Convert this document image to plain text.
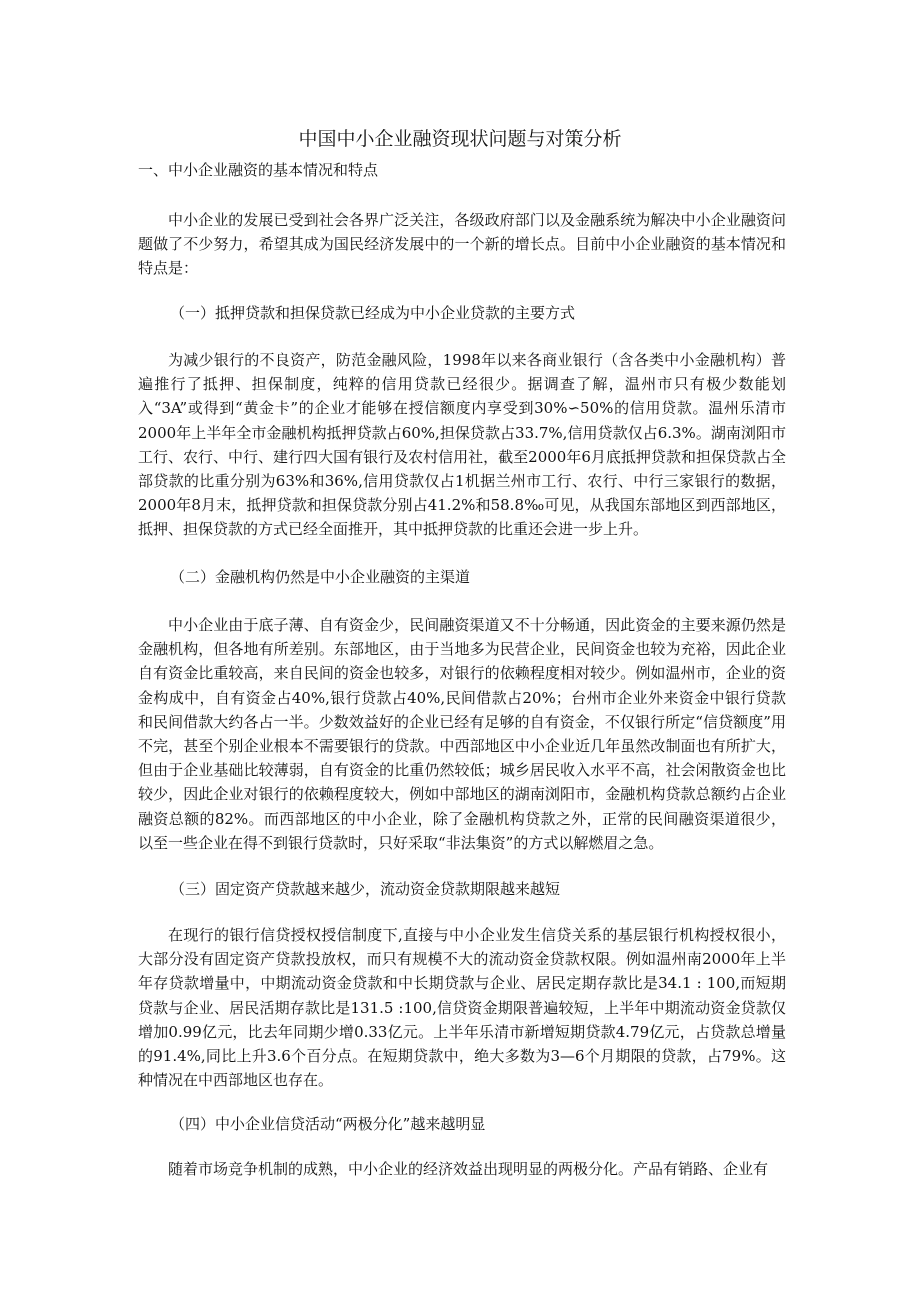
中国中小企业融资现状问题与对策分析
一、中小企业融资的基本情况和特点

中小企业的发展已受到社会各界广泛关注，各级政府部门以及金融系统为解决中小企业融资问题做了不少努力，希望其成为国民经济发展中的一个新的增长点。目前中小企业融资的基本情况和特点是：

（一）抵押贷款和担保贷款已经成为中小企业贷款的主要方式

为减少银行的不良资产，防范金融风险，1998年以来各商业银行（含各类中小金融机构）普遍推行了抵押、担保制度，纯粹的信用贷款已经很少。据调查了解，温州市只有极少数能划入“3A”或得到“黄金卡”的企业才能够在授信额度内享受到30%∽50%的信用贷款。温州乐清市2000年上半年全市金融机构抵押贷款占60%,担保贷款占33.7%,信用贷款仅占6.3%。湖南浏阳市工行、农行、中行、建行四大国有银行及农村信用社，截至2000年6月底抵押贷款和担保贷款占全部贷款的比重分别为63%和36%,信用贷款仅占1机据兰州市工行、农行、中行三家银行的数据，2000年8月末，抵押贷款和担保贷款分别占41.2%和58.8‰可见，从我国东部地区到西部地区，抵押、担保贷款的方式已经全面推开，其中抵押贷款的比重还会进一步上升。

（二）金融机构仍然是中小企业融资的主渠道

中小企业由于底子薄、自有资金少，民间融资渠道又不十分畅通，因此资金的主要来源仍然是金融机构，但各地有所差别。东部地区，由于当地多为民营企业，民间资金也较为充裕，因此企业自有资金比重较高，来自民间的资金也较多，对银行的依赖程度相对较少。例如温州市，企业的资金构成中，自有资金占40%,银行贷款占40%,民间借款占20%；台州市企业外来资金中银行贷款和民间借款大约各占一半。少数效益好的企业已经有足够的自有资金，不仅银行所定“信贷额度”用不完，甚至个别企业根本不需要银行的贷款。中西部地区中小企业近几年虽然改制面也有所扩大，但由于企业基础比较薄弱，自有资金的比重仍然较低；城乡居民收入水平不高，社会闲散资金也比较少，因此企业对银行的依赖程度较大，例如中部地区的湖南浏阳市，金融机构贷款总额约占企业融资总额的82%。而西部地区的中小企业，除了金融机构贷款之外，正常的民间融资渠道很少，以至一些企业在得不到银行贷款时，只好采取“非法集资”的方式以解燃眉之急。

（三）固定资产贷款越来越少，流动资金贷款期限越来越短

在现行的银行信贷授权授信制度下,直接与中小企业发生信贷关系的基层银行机构授权很小，大部分没有固定资产贷款投放权，而只有规模不大的流动资金贷款权限。例如温州南2000年上半年存贷款增量中，中期流动资金贷款和中长期贷款与企业、居民定期存款比是34.1 : 100,而短期贷款与企业、居民活期存款比是131.5 :100,信贷资金期限普遍较短，上半年中期流动资金贷款仅增加0.99亿元，比去年同期少增0.33亿元。上半年乐清市新增短期贷款4.79亿元，占贷款总增量的91.4%,同比上升3.6个百分点。在短期贷款中，绝大多数为3—6个月期限的贷款，占79%。这种情况在中西部地区也存在。

（四）中小企业信贷活动“两极分化”越来越明显

随着市场竞争机制的成熟，中小企业的经济效益出现明显的两极分化。产品有销路、企业有
